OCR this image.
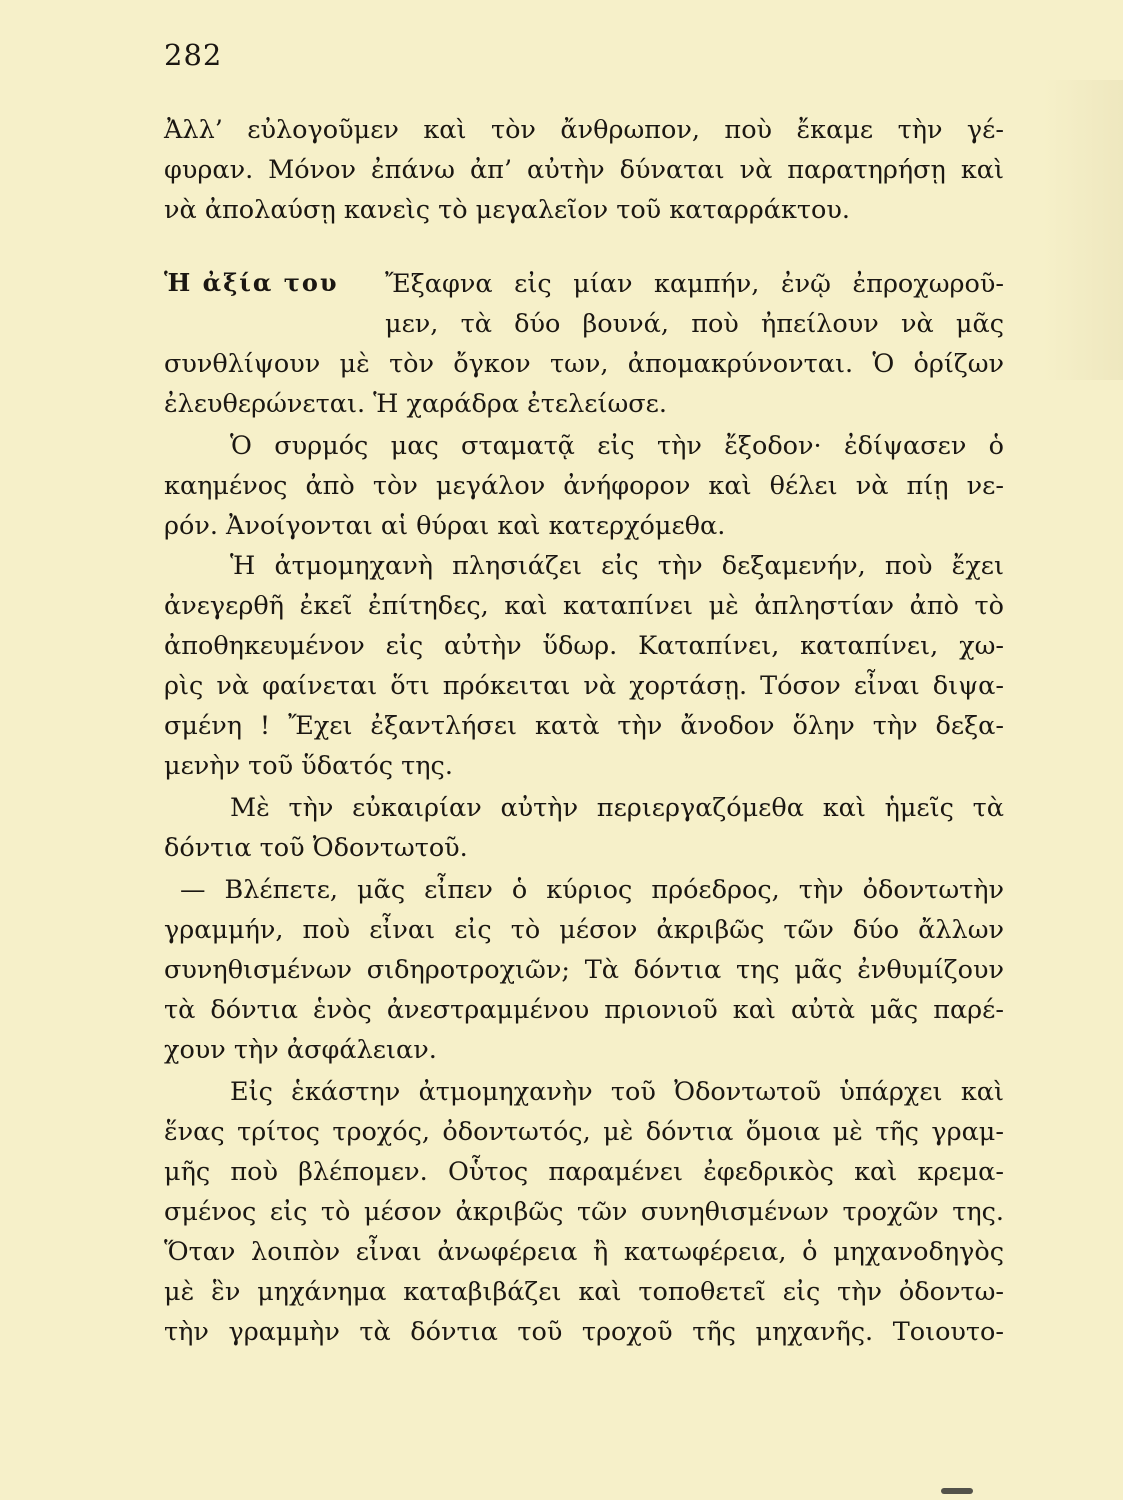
282
Ἀλλ’ εὐλογοῦμεν καὶ τὸν ἄνθρωπον, ποὺ ἔκαμε τὴν γέ-
φυραν. Μόνον ἐπάνω ἀπ’ αὐτὴν δύναται νὰ παρατηρήσῃ καὶ
νὰ ἀπολαύσῃ κανεὶς τὸ μεγαλεῖον τοῦ καταρράκτου.
Ἡ ἀξία του Ἔξαφνα εἰς μίαν καμπήν, ἐνῷ ἐπροχωροῦ-
μεν, τὰ δύο βουνά, ποὺ ἠπείλουν νὰ μᾶς
συνθλίψουν μὲ τὸν ὄγκον των, ἀπομακρύνονται. Ὁ ὁρίζων
ἐλευθερώνεται. Ἡ χαράδρα ἐτελείωσε.
Ὁ συρμός μας σταματᾷ εἰς τὴν ἔξοδον· ἐδίψασεν ὁ
καημένος ἀπὸ τὸν μεγάλον ἀνήφορον καὶ θέλει νὰ πίῃ νε-
ρόν. Ἀνοίγονται αἱ θύραι καὶ κατερχόμεθα.
Ἡ ἀτμομηχανὴ πλησιάζει εἰς τὴν δεξαμενήν, ποὺ ἔχει
ἀνεγερθῆ ἐκεῖ ἐπίτηδες, καὶ καταπίνει μὲ ἀπληστίαν ἀπὸ τὸ
ἀποθηκευμένον εἰς αὐτὴν ὕδωρ. Καταπίνει, καταπίνει, χω-
ρὶς νὰ φαίνεται ὅτι πρόκειται νὰ χορτάσῃ. Τόσον εἶναι διψα-
σμένη ! Ἔχει ἐξαντλήσει κατὰ τὴν ἄνοδον ὅλην τὴν δεξα-
μενὴν τοῦ ὕδατός της.
Μὲ τὴν εὐκαιρίαν αὐτὴν περιεργαζόμεθα καὶ ἡμεῖς τὰ
δόντια τοῦ Ὀδοντωτοῦ.
— Βλέπετε, μᾶς εἶπεν ὁ κύριος πρόεδρος, τὴν ὀδοντωτὴν
γραμμήν, ποὺ εἶναι εἰς τὸ μέσον ἀκριβῶς τῶν δύο ἄλλων
συνηθισμένων σιδηροτροχιῶν; Τὰ δόντια της μᾶς ἐνθυμίζουν
τὰ δόντια ἑνὸς ἀνεστραμμένου πριονιοῦ καὶ αὐτὰ μᾶς παρέ-
χουν τὴν ἀσφάλειαν.
Εἰς ἑκάστην ἀτμομηχανὴν τοῦ Ὀδοντωτοῦ ὑπάρχει καὶ
ἕνας τρίτος τροχός, ὀδοντωτός, μὲ δόντια ὅμοια μὲ τῆς γραμ-
μῆς ποὺ βλέπομεν. Οὗτος παραμένει ἐφεδρικὸς καὶ κρεμα-
σμένος εἰς τὸ μέσον ἀκριβῶς τῶν συνηθισμένων τροχῶν της.
Ὅταν λοιπὸν εἶναι ἀνωφέρεια ἢ κατωφέρεια, ὁ μηχανοδηγὸς
μὲ ἓν μηχάνημα καταβιβάζει καὶ τοποθετεῖ εἰς τὴν ὀδοντω-
τὴν γραμμὴν τὰ δόντια τοῦ τροχοῦ τῆς μηχανῆς. Τοιουτο-
